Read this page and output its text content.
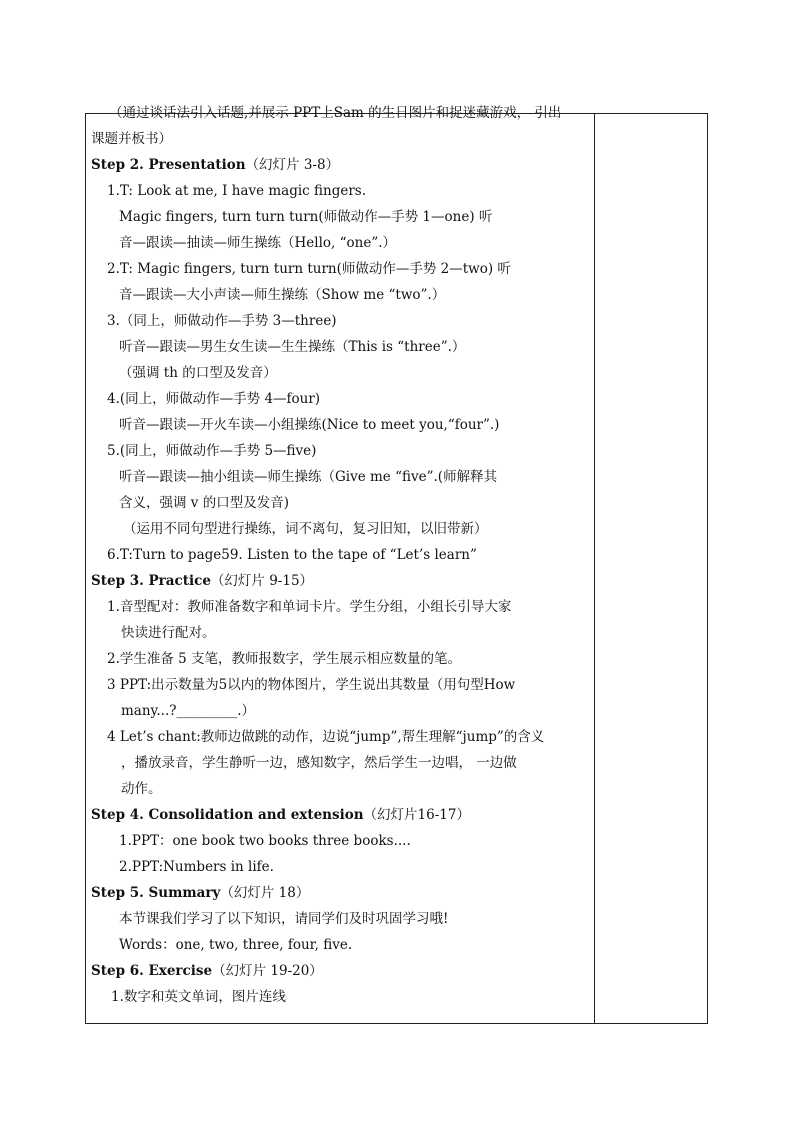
（通过谈话法引入话题,并展示 PPT上Sam 的生日图片和捉迷藏游戏， 引出
课题并板书）
Step 2. Presentation（幻灯片 3-8）
1.T: Look at me, I have magic fingers.
Magic fingers, turn turn turn(师做动作—手势 1—one) 听
音—跟读—抽读—师生操练（Hello, “one”.）
2.T: Magic fingers, turn turn turn(师做动作—手势 2—two) 听
音—跟读—大小声读—师生操练（Show me “two”.）
3.（同上，师做动作—手势 3—three)
听音—跟读—男生女生读—生生操练（This is “three”.）
（强调 th 的口型及发音）
4.(同上，师做动作—手势 4—four)
听音—跟读—开火车读—小组操练(Nice to meet you,“four”.)
5.(同上，师做动作—手势 5—five)
听音—跟读—抽小组读—师生操练（Give me “five”.(师解释其
含义，强调 v 的口型及发音)
（运用不同句型进行操练，词不离句，复习旧知，以旧带新）
6.T:Turn to page59. Listen to the tape of “Let’s learn”
Step 3. Practice（幻灯片 9-15）
1.音型配对：教师准备数字和单词卡片。学生分组，小组长引导大家
快读进行配对。
2.学生准备 5 支笔，教师报数字，学生展示相应数量的笔。
3 PPT:出示数量为5以内的物体图片，学生说出其数量（用句型How
many...?_________.）
4 Let’s chant:教师边做跳的动作，边说“jump”,帮生理解“jump”的含义
，播放录音，学生静听一边，感知数字，然后学生一边唱， 一边做
动作。
Step 4. Consolidation and extension（幻灯片16-17）
1.PPT：one book two books three books....
2.PPT:Numbers in life.
Step 5. Summary（幻灯片 18）
本节课我们学习了以下知识，请同学们及时巩固学习哦!
Words：one, two, three, four, five.
Step 6. Exercise（幻灯片 19-20）
1.数字和英文单词，图片连线
